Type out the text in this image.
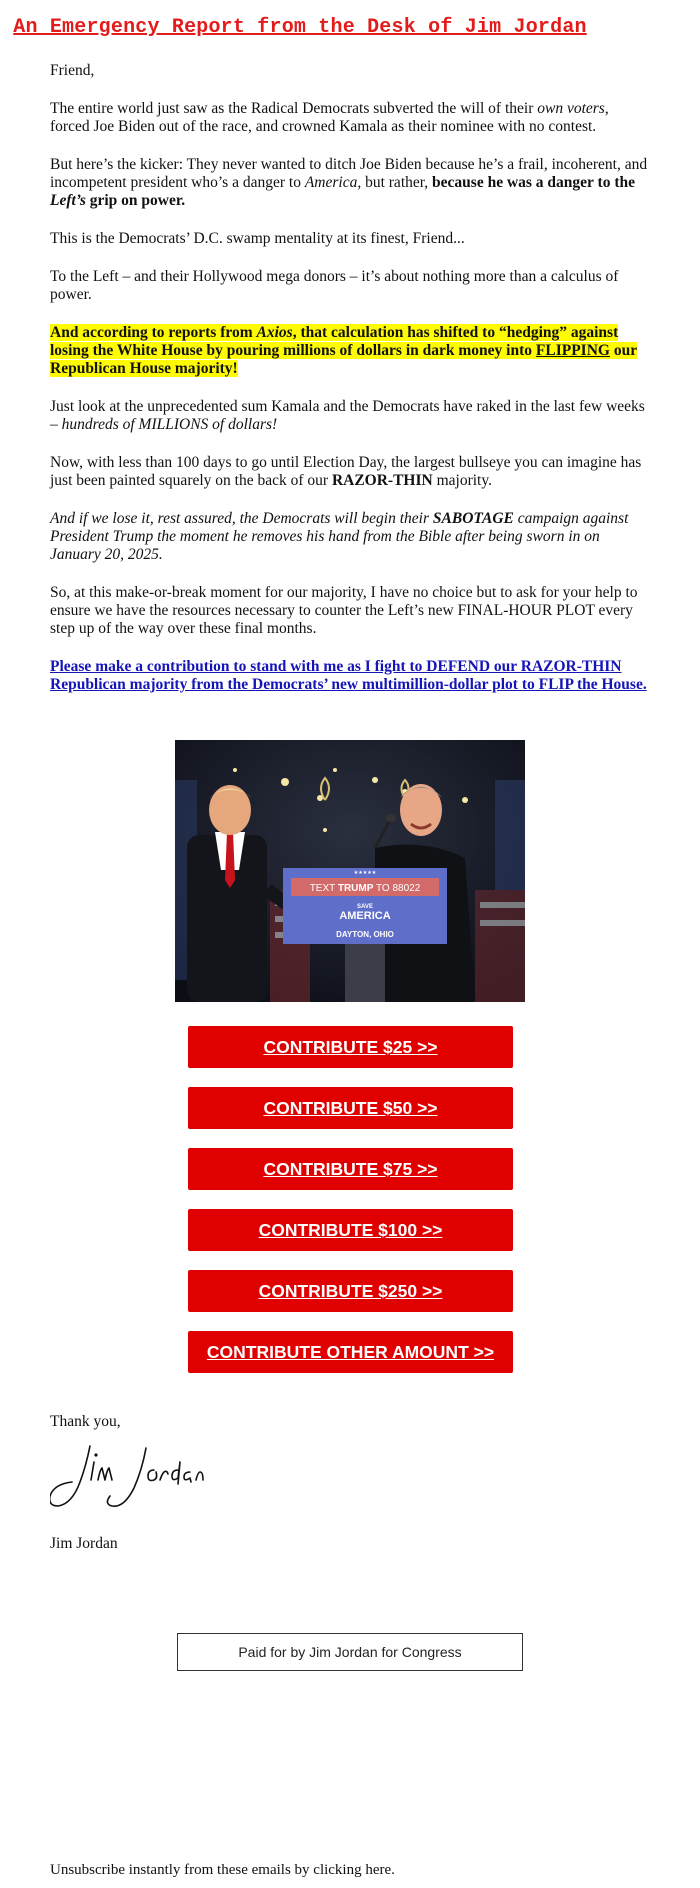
An Emergency Report from the Desk of Jim Jordan

Friend,

The entire world just saw as the Radical Democrats subverted the will of their own voters, forced Joe Biden out of the race, and crowned Kamala as their nominee with no contest.

But here’s the kicker: They never wanted to ditch Joe Biden because he’s a frail, incoherent, and incompetent president who’s a danger to America, but rather, because he was a danger to the Left’s grip on power.

This is the Democrats’ D.C. swamp mentality at its finest, Friend...

To the Left – and their Hollywood mega donors – it’s about nothing more than a calculus of power.

And according to reports from Axios, that calculation has shifted to “hedging” against losing the White House by pouring millions of dollars in dark money into FLIPPING our Republican House majority!

Just look at the unprecedented sum Kamala and the Democrats have raked in the last few weeks – hundreds of MILLIONS of dollars!

Now, with less than 100 days to go until Election Day, the largest bullseye you can imagine has just been painted squarely on the back of our RAZOR-THIN majority.

And if we lose it, rest assured, the Democrats will begin their SABOTAGE campaign against President Trump the moment he removes his hand from the Bible after being sworn in on January 20, 2025.

So, at this make-or-break moment for our majority, I have no choice but to ask for your help to ensure we have the resources necessary to counter the Left’s new FINAL-HOUR PLOT every step up of the way over these final months.

Please make a contribution to stand with me as I fight to DEFEND our RAZOR-THIN Republican majority from the Democrats’ new multimillion-dollar plot to FLIP the House.

★★★★★
TEXT TRUMP TO 88022
SAVE
AMERICA
DAYTON, OHIO
CONTRIBUTE $25 >>
CONTRIBUTE $50 >>
CONTRIBUTE $75 >>
CONTRIBUTE $100 >>
CONTRIBUTE $250 >>
CONTRIBUTE OTHER AMOUNT >>

Thank you,

Jim Jordan

Paid for by Jim Jordan for Congress
Unsubscribe instantly from these emails by clicking here.
